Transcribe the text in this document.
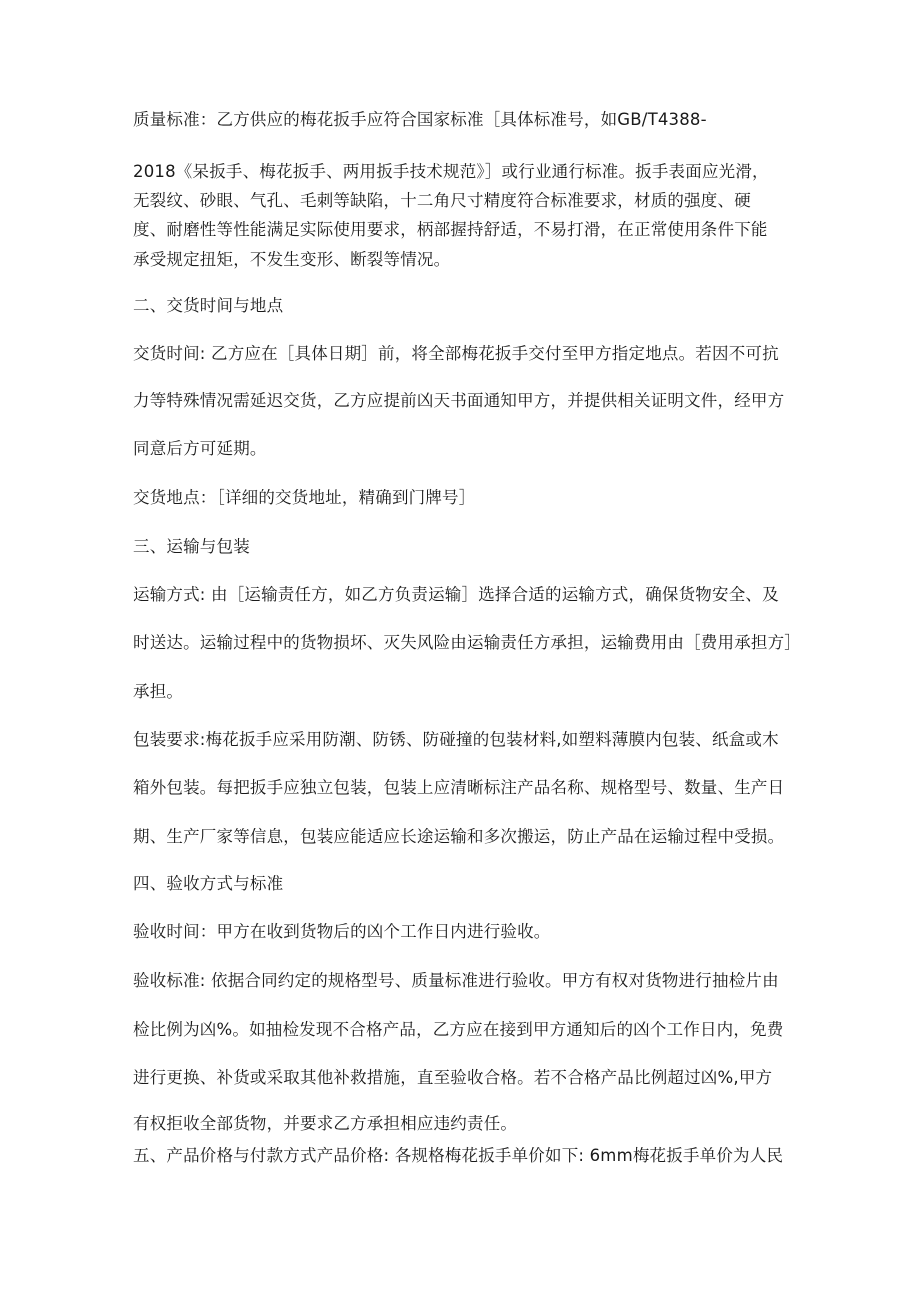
质量标准：乙方供应的梅花扳手应符合国家标准［具体标准号，如GB/T4388-
2018《呆扳手、梅花扳手、两用扳手技术规范》］或行业通行标准。扳手表面应光滑，
无裂纹、砂眼、气孔、毛刺等缺陷，十二角尺寸精度符合标准要求，材质的强度、硬
度、耐磨性等性能满足实际使用要求，柄部握持舒适，不易打滑，在正常使用条件下能
承受规定扭矩，不发生变形、断裂等情况。
二、交货时间与地点
交货时间: 乙方应在［具体日期］前，将全部梅花扳手交付至甲方指定地点。若因不可抗
力等特殊情况需延迟交货，乙方应提前凶天书面通知甲方，并提供相关证明文件，经甲方
同意后方可延期。
交货地点：［详细的交货地址，精确到门牌号］
三、运输与包装
运输方式: 由［运输责任方，如乙方负责运输］选择合适的运输方式，确保货物安全、及
时送达。运输过程中的货物损坏、灭失风险由运输责任方承担，运输费用由［费用承担方］
承担。
包装要求:梅花扳手应采用防潮、防锈、防碰撞的包装材料,如塑料薄膜内包装、纸盒或木
箱外包装。每把扳手应独立包装，包装上应清晰标注产品名称、规格型号、数量、生产日
期、生产厂家等信息，包装应能适应长途运输和多次搬运，防止产品在运输过程中受损。
四、验收方式与标准
验收时间：甲方在收到货物后的凶个工作日内进行验收。
验收标准: 依据合同约定的规格型号、质量标准进行验收。甲方有权对货物进行抽检片由
检比例为凶%。如抽检发现不合格产品，乙方应在接到甲方通知后的凶个工作日内，免费
进行更换、补货或采取其他补救措施，直至验收合格。若不合格产品比例超过凶%,甲方
有权拒收全部货物，并要求乙方承担相应违约责任。
五、产品价格与付款方式产品价格: 各规格梅花扳手单价如下: 6mm梅花扳手单价为人民
